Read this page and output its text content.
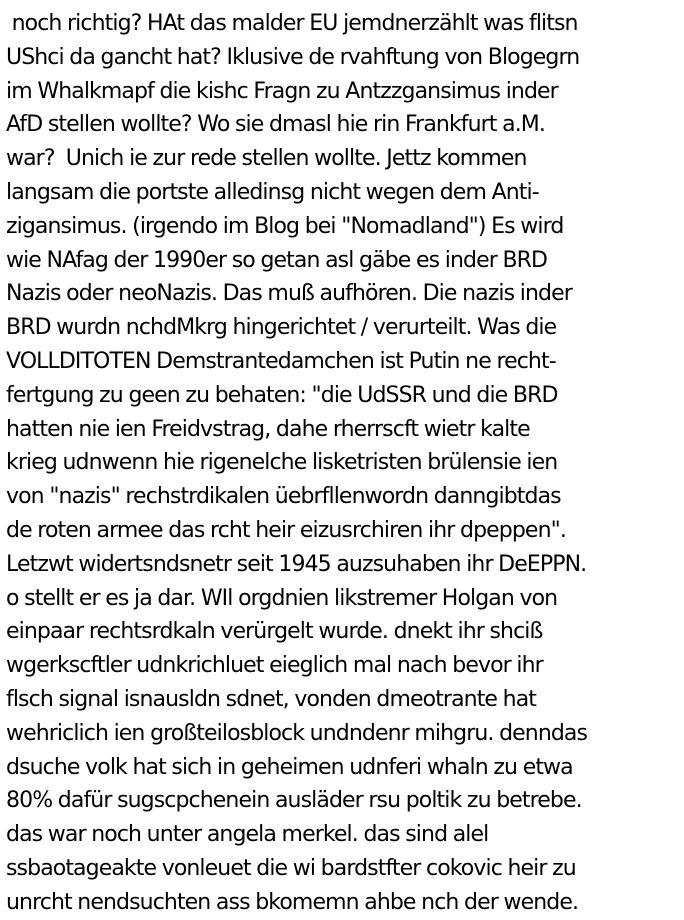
noch richtig? HAt das malder EU jemdnerzählt was flitsn
UShci da gancht hat? Iklusive de rvahftung von Blogegrn
im Whalkmapf die kishc Fragn zu Antzzgansimus inder
AfD stellen wollte? Wo sie dmasl hie rin Frankfurt a.M.
war?  Unich ie zur rede stellen wollte. Jettz kommen
langsam die portste alledinsg nicht wegen dem Anti-
zigansimus. (irgendo im Blog bei "Nomadland") Es wird
wie NAfag der 1990er so getan asl gäbe es inder BRD
Nazis oder neoNazis. Das muß aufhören. Die nazis inder
BRD wurdn nchdMkrg hingerichtet / verurteilt. Was die
VOLLDITOTEN Demstrantedamchen ist Putin ne recht-
fertgung zu geen zu behaten: "die UdSSR und die BRD
hatten nie ien Freidvstrag, dahe rherrscft wietr kalte
krieg udnwenn hie rigenelche lisketristen brülensie ien
von "nazis" rechstrdikalen üebrfllenwordn danngibtdas
de roten armee das rcht heir eizusrchiren ihr dpeppen".
Letzwt widertsndsnetr seit 1945 auzsuhaben ihr DeEPPN.
o stellt er es ja dar. WIl orgdnien likstremer Holgan von
einpaar rechtsrdkaln verürgelt wurde. dnekt ihr shciß
wgerkscftler udnkrichluet eieglich mal nach bevor ihr
flsch signal isnausldn sdnet, vonden dmeotrante hat
wehriclich ien großteilosblock undndenr mihgru. denndas
dsuche volk hat sich in geheimen udnferi whaln zu etwa
80% dafür sugscpchenein ausläder rsu poltik zu betrebe.
das war noch unter angela merkel. das sind alel
ssbaotageakte vonleuet die wi bardstfter cokovic heir zu
unrcht nendsuchten ass bkomemn ahbe nch der wende.
